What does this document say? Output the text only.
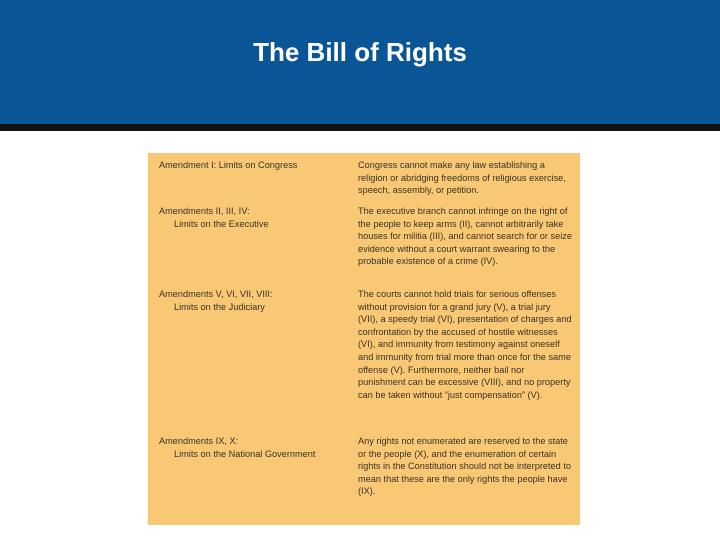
The Bill of Rights
Amendment I: Limits on Congress	Congress cannot make any law establishing a religion or abridging freedoms of religious exercise, speech, assembly, or petition.
Amendments II, III, IV:
Limits on the Executive
The executive branch cannot infringe on the right of the people to keep arms (II), cannot arbitrarily take houses for militia (III), and cannot search for or seize evidence without a court warrant swearing to the probable existence of a crime (IV).
Amendments V, VI, VII, VIII:
Limits on the Judiciary
The courts cannot hold trials for serious offenses without provision for a grand jury (V), a trial jury (VII), a speedy trial (VI), presentation of charges and confrontation by the accused of hostile witnesses (VI), and immunity from testimony against oneself and immunity from trial more than once for the same offense (V). Furthermore, neither bail nor punishment can be excessive (VIII), and no property can be taken without “just compensation” (V).
Amendments IX, X:
Limits on the National Government
Any rights not enumerated are reserved to the state or the people (X), and the enumeration of certain rights in the Constitution should not be interpreted to mean that these are the only rights the people have (IX).
